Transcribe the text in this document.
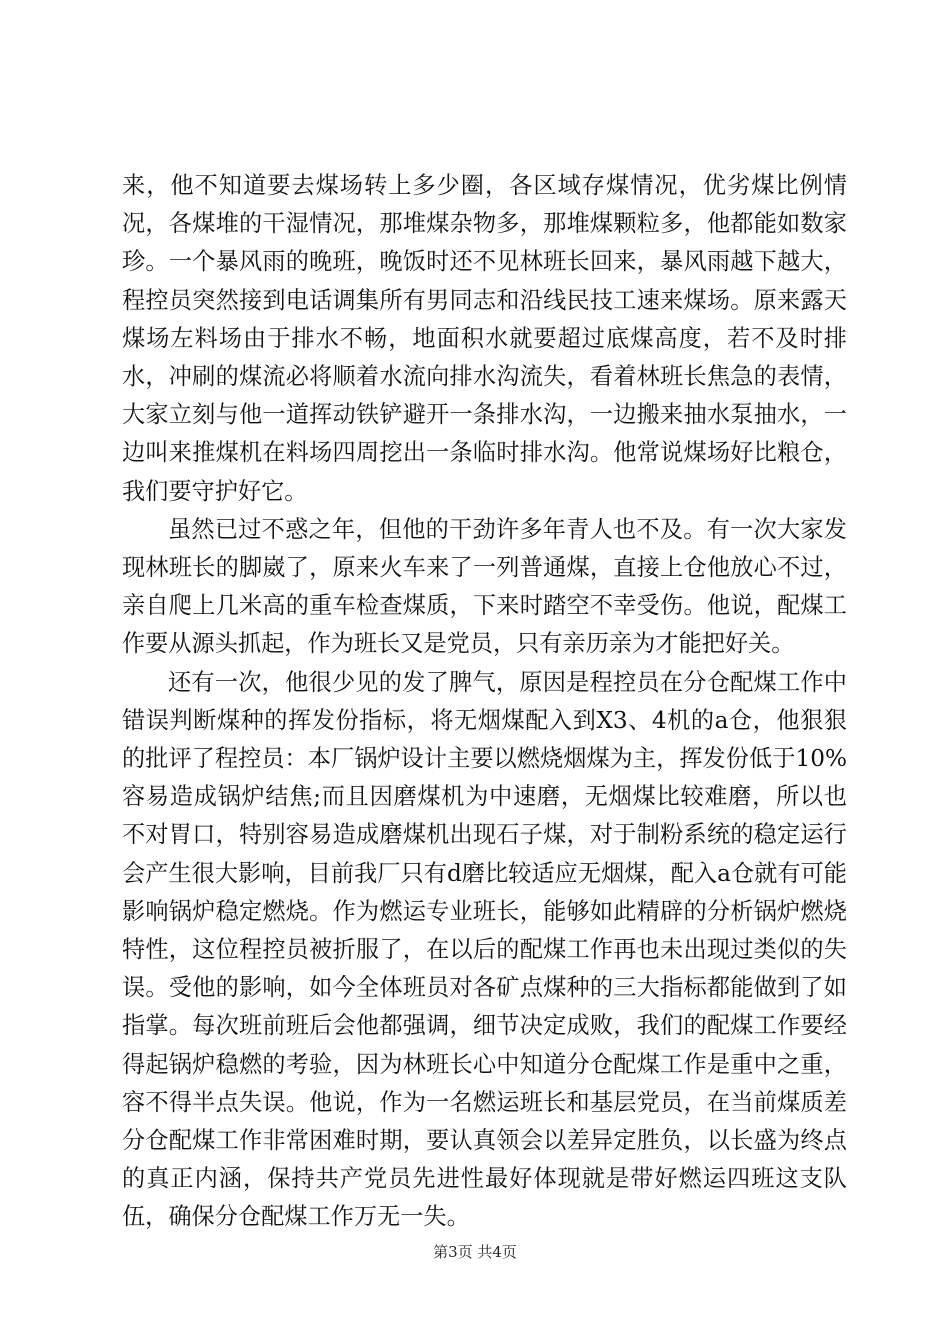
来，他不知道要去煤场转上多少圈，各区域存煤情况，优劣煤比例情况，各煤堆的干湿情况，那堆煤杂物多，那堆煤颗粒多，他都能如数家珍。一个暴风雨的晚班，晚饭时还不见林班长回来，暴风雨越下越大，程控员突然接到电话调集所有男同志和沿线民技工速来煤场。原来露天煤场左料场由于排水不畅，地面积水就要超过底煤高度，若不及时排水，冲刷的煤流必将顺着水流向排水沟流失，看着林班长焦急的表情，大家立刻与他一道挥动铁铲避开一条排水沟，一边搬来抽水泵抽水，一边叫来推煤机在料场四周挖出一条临时排水沟。他常说煤场好比粮仓，我们要守护好它。

虽然已过不惑之年，但他的干劲许多年青人也不及。有一次大家发现林班长的脚崴了，原来火车来了一列普通煤，直接上仓他放心不过，亲自爬上几米高的重车检查煤质，下来时踏空不幸受伤。他说，配煤工作要从源头抓起，作为班长又是党员，只有亲历亲为才能把好关。

还有一次，他很少见的发了脾气，原因是程控员在分仓配煤工作中错误判断煤种的挥发份指标，将无烟煤配入到X3、4机的a仓，他狠狠的批评了程控员：本厂锅炉设计主要以燃烧烟煤为主，挥发份低于10%容易造成锅炉结焦;而且因磨煤机为中速磨，无烟煤比较难磨，所以也不对胃口，特别容易造成磨煤机出现石子煤，对于制粉系统的稳定运行会产生很大影响，目前我厂只有d磨比较适应无烟煤，配入a仓就有可能影响锅炉稳定燃烧。作为燃运专业班长，能够如此精辟的分析锅炉燃烧特性，这位程控员被折服了，在以后的配煤工作再也未出现过类似的失误。受他的影响，如今全体班员对各矿点煤种的三大指标都能做到了如指掌。每次班前班后会他都强调，细节决定成败，我们的配煤工作要经得起锅炉稳燃的考验，因为林班长心中知道分仓配煤工作是重中之重，容不得半点失误。他说，作为一名燃运班长和基层党员，在当前煤质差分仓配煤工作非常困难时期，要认真领会以差异定胜负，以长盛为终点的真正内涵，保持共产党员先进性最好体现就是带好燃运四班这支队伍，确保分仓配煤工作万无一失。

第3页 共4页
